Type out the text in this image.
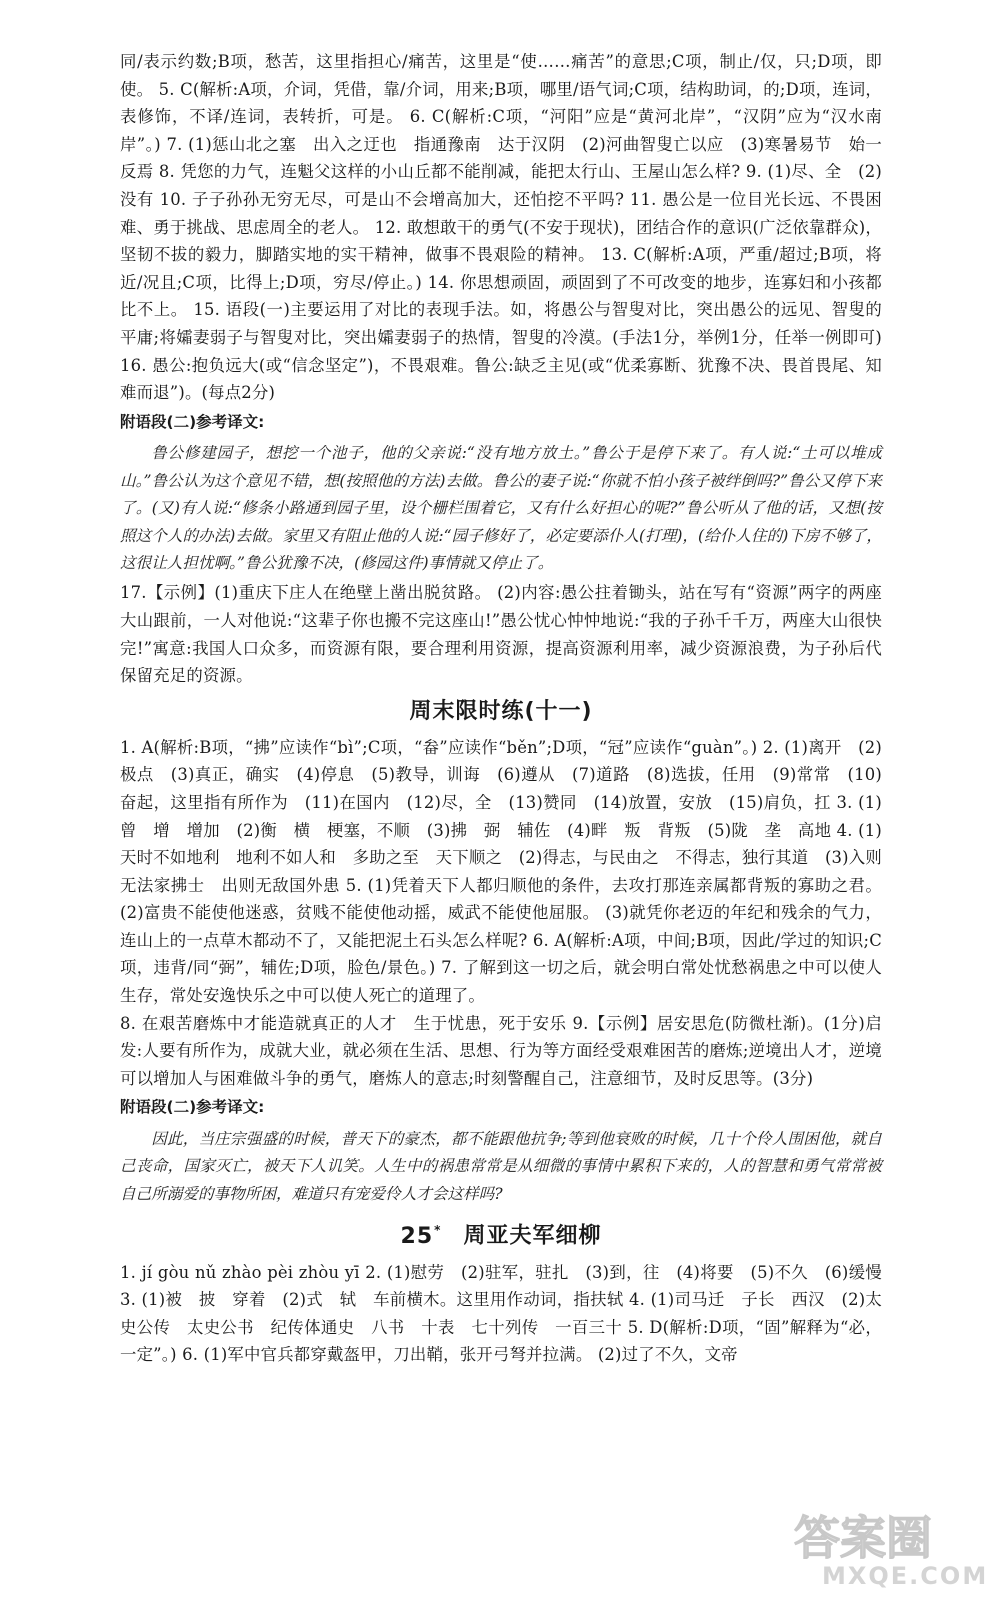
同/表示约数;B项，愁苦，这里指担心/痛苦，这里是“使……痛苦”的意思;C项，制止/仅，只;D项，即使。 5. C(解析:A项，介词，凭借，靠/介词，用来;B项，哪里/语气词;C项，结构助词，的;D项，连词，表修饰，不译/连词，表转折，可是。 6. C(解析:C项，“河阳”应是“黄河北岸”，“汉阴”应为“汉水南岸”。) 7. (1)惩山北之塞　出入之迂也　指通豫南　达于汉阴　(2)河曲智叟亡以应　(3)寒暑易节　始一反焉 8. 凭您的力气，连魁父这样的小山丘都不能削减，能把太行山、王屋山怎么样? 9. (1)尽、全　(2)没有 10. 子子孙孙无穷无尽，可是山不会增高加大，还怕挖不平吗? 11. 愚公是一位目光长远、不畏困难、勇于挑战、思虑周全的老人。 12. 敢想敢干的勇气(不安于现状)，团结合作的意识(广泛依靠群众)，坚韧不拔的毅力，脚踏实地的实干精神，做事不畏艰险的精神。 13. C(解析:A项，严重/超过;B项，将近/况且;C项，比得上;D项，穷尽/停止。) 14. 你思想顽固，顽固到了不可改变的地步，连寡妇和小孩都比不上。 15. 语段(一)主要运用了对比的表现手法。如，将愚公与智叟对比，突出愚公的远见、智叟的平庸;将孀妻弱子与智叟对比，突出孀妻弱子的热情，智叟的冷漠。(手法1分，举例1分，任举一例即可) 16. 愚公:抱负远大(或“信念坚定”)，不畏艰难。鲁公:缺乏主见(或“优柔寡断、犹豫不决、畏首畏尾、知难而退”)。(每点2分)

附语段(二)参考译文:

鲁公修建园子，想挖一个池子，他的父亲说:“没有地方放土。”鲁公于是停下来了。有人说:“土可以堆成山。”鲁公认为这个意见不错，想(按照他的方法)去做。鲁公的妻子说:“你就不怕小孩子被绊倒吗?”鲁公又停下来了。(又)有人说:“修条小路通到园子里，设个栅栏围着它，又有什么好担心的呢?”鲁公听从了他的话，又想(按照这个人的办法)去做。家里又有阻止他的人说:“园子修好了，必定要添仆人(打理)，(给仆人住的)下房不够了，这很让人担忧啊。”鲁公犹豫不决，(修园这件)事情就又停止了。

17.【示例】(1)重庆下庄人在绝壁上凿出脱贫路。 (2)内容:愚公拄着锄头，站在写有“资源”两字的两座大山跟前，一人对他说:“这辈子你也搬不完这座山!”愚公忧心忡忡地说:“我的子孙千千万，两座大山很快完!”寓意:我国人口众多，而资源有限，要合理利用资源，提高资源利用率，减少资源浪费，为子孙后代保留充足的资源。

周末限时练(十一)

1. A(解析:B项，“拂”应读作“bì”;C项，“畚”应读作“běn”;D项，“冠”应读作“guàn”。) 2. (1)离开　(2)极点　(3)真正，确实　(4)停息　(5)教导，训诲　(6)遵从　(7)道路　(8)选拔，任用　(9)常常　(10)奋起，这里指有所作为　(11)在国内　(12)尽，全　(13)赞同　(14)放置，安放　(15)肩负，扛 3. (1)曾　增　增加　(2)衡　横　梗塞，不顺　(3)拂　弼　辅佐　(4)畔　叛　背叛　(5)陇　垄　高地 4. (1)天时不如地利　地利不如人和　多助之至　天下顺之　(2)得志，与民由之　不得志，独行其道　(3)入则无法家拂士　出则无敌国外患 5. (1)凭着天下人都归顺他的条件，去攻打那连亲属都背叛的寡助之君。 (2)富贵不能使他迷惑，贫贱不能使他动摇，威武不能使他屈服。 (3)就凭你老迈的年纪和残余的气力，连山上的一点草木都动不了，又能把泥土石头怎么样呢? 6. A(解析:A项，中间;B项，因此/学过的知识;C项，违背/同“弼”，辅佐;D项，脸色/景色。) 7. 了解到这一切之后，就会明白常处忧愁祸患之中可以使人生存，常处安逸快乐之中可以使人死亡的道理了。

8. 在艰苦磨炼中才能造就真正的人才　生于忧患，死于安乐 9.【示例】居安思危(防微杜渐)。(1分)启发:人要有所作为，成就大业，就必须在生活、思想、行为等方面经受艰难困苦的磨炼;逆境出人才，逆境可以增加人与困难做斗争的勇气，磨炼人的意志;时刻警醒自己，注意细节，及时反思等。(3分)

附语段(二)参考译文:

因此，当庄宗强盛的时候，普天下的豪杰，都不能跟他抗争;等到他衰败的时候，几十个伶人围困他，就自己丧命，国家灭亡，被天下人讥笑。人生中的祸患常常是从细微的事情中累积下来的，人的智慧和勇气常常被自己所溺爱的事物所困，难道只有宠爱伶人才会这样吗?

25* 周亚夫军细柳

1. jí gòu nǔ zhào pèi zhòu yī 2. (1)慰劳　(2)驻军，驻扎　(3)到，往　(4)将要　(5)不久　(6)缓慢 3. (1)被　披　穿着　(2)式　轼　车前横木。这里用作动词，指扶轼 4. (1)司马迁　子长　西汉　(2)太史公传　太史公书　纪传体通史　八书　十表　七十列传　一百三十 5. D(解析:D项，“固”解释为“必，一定”。) 6. (1)军中官兵都穿戴盔甲，刀出鞘，张开弓弩并拉满。 (2)过了不久，文帝

答案圈
MXQE.COM
